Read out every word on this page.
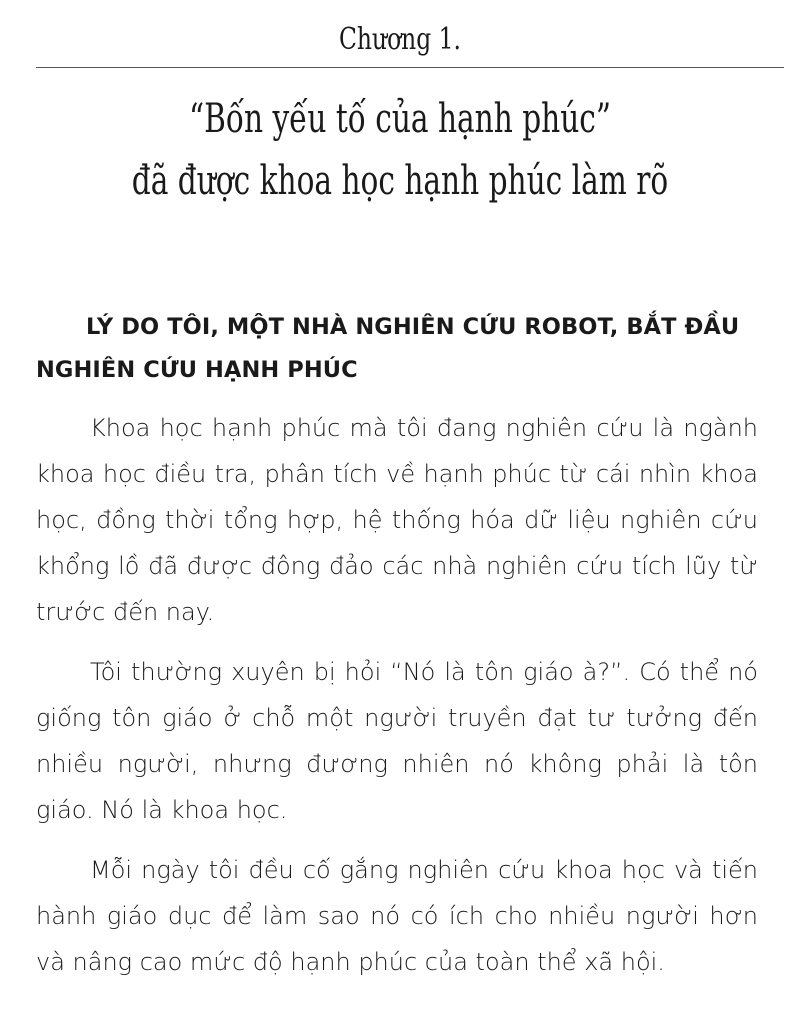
Chương 1.
“Bốn yếu tố của hạnh phúc”
đã được khoa học hạnh phúc làm rõ
LÝ DO TÔI, MỘT NHÀ NGHIÊN CỨU ROBOT, BẮT ĐẦU NGHIÊN CỨU HẠNH PHÚC

Khoa học hạnh phúc mà tôi đang nghiên cứu là ngành khoa học điều tra, phân tích về hạnh phúc từ cái nhìn khoa học, đồng thời tổng hợp, hệ thống hóa dữ liệu nghiên cứu khổng lồ đã được đông đảo các nhà nghiên cứu tích lũy từ trước đến nay.

Tôi thường xuyên bị hỏi “Nó là tôn giáo à?”. Có thể nó giống tôn giáo ở chỗ một người truyền đạt tư tưởng đến nhiều người, nhưng đương nhiên nó không phải là tôn giáo. Nó là khoa học.

Mỗi ngày tôi đều cố gắng nghiên cứu khoa học và tiến hành giáo dục để làm sao nó có ích cho nhiều người hơn và nâng cao mức độ hạnh phúc của toàn thể xã hội.
